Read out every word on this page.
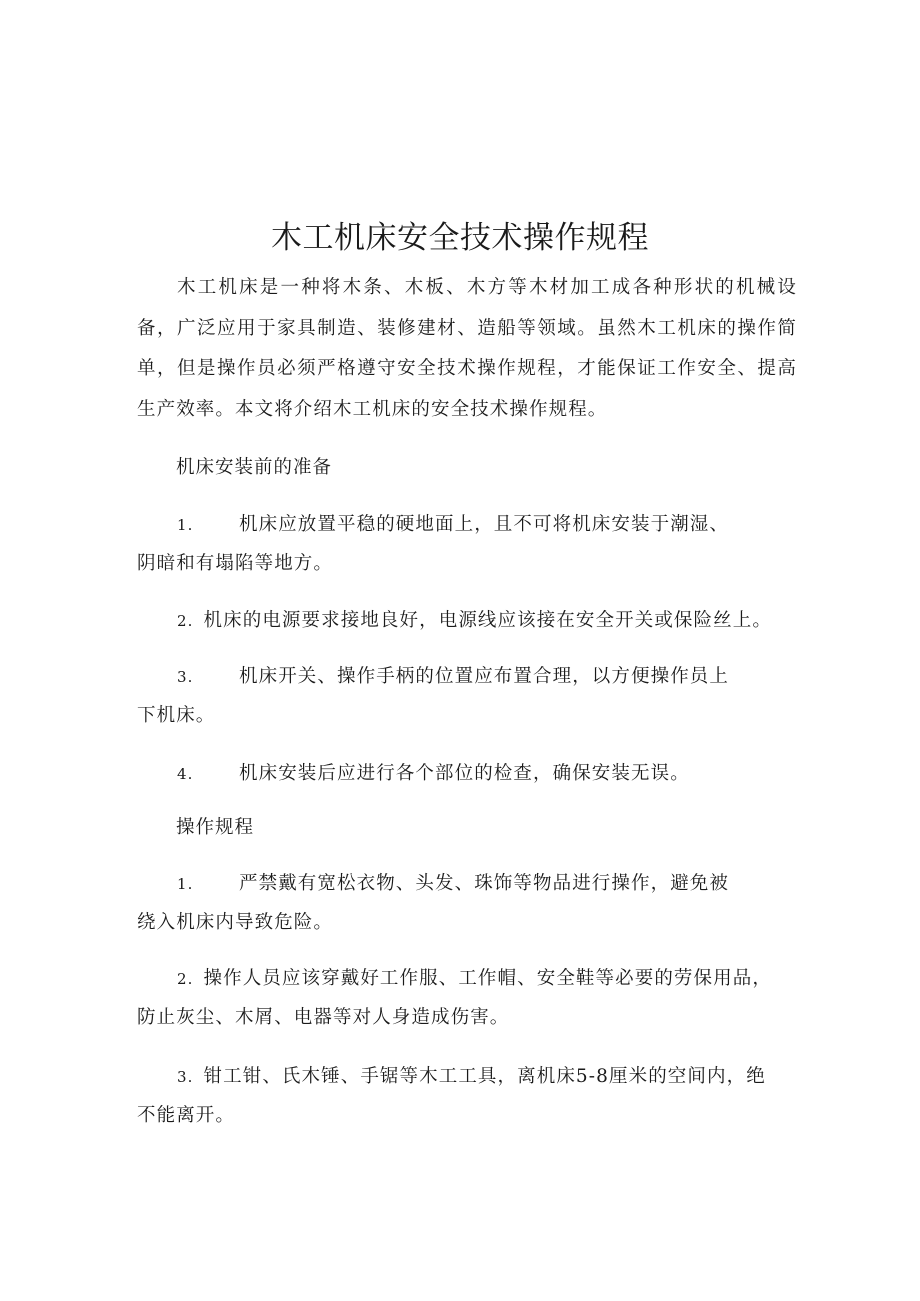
木工机床安全技术操作规程

木工机床是一种将木条、木板、木方等木材加工成各种形状的机械设备，广泛应用于家具制造、装修建材、造船等领域。虽然木工机床的操作简单，但是操作员必须严格遵守安全技术操作规程，才能保证工作安全、提高生产效率。本文将介绍木工机床的安全技术操作规程。

机床安装前的准备

1.	机床应放置平稳的硬地面上，且不可将机床安装于潮湿、
阴暗和有塌陷等地方。
2. 机床的电源要求接地良好，电源线应该接在安全开关或保险丝上。
3.	机床开关、操作手柄的位置应布置合理，以方便操作员上
下机床。
4.	机床安装后应进行各个部位的检查，确保安装无误。

操作规程

1.	严禁戴有宽松衣物、头发、珠饰等物品进行操作，避免被
绕入机床内导致危险。
2. 操作人员应该穿戴好工作服、工作帽、安全鞋等必要的劳保用品，
防止灰尘、木屑、电器等对人身造成伤害。
3. 钳工钳、氏木锤、手锯等木工工具，离机床5-8厘米的空间内，绝
不能离开。
